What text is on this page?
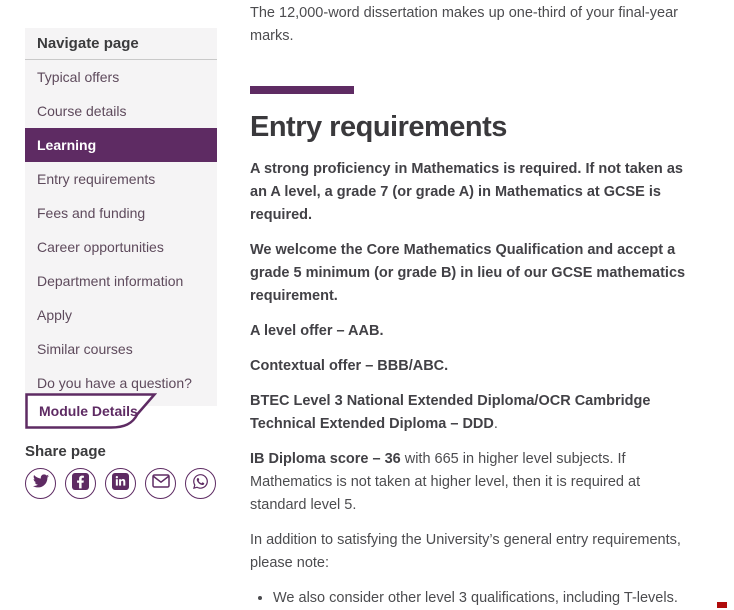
Navigate page
Typical offers
Course details
Learning
Entry requirements
Fees and funding
Career opportunities
Department information
Apply
Similar courses
Do you have a question?
Module Details
Share page

The 12,000-word dissertation makes up one-third of your final-year marks.

Entry requirements

A strong proficiency in Mathematics is required. If not taken as an A level, a grade 7 (or grade A) in Mathematics at GCSE is required.

We welcome the Core Mathematics Qualification and accept a grade 5 minimum (or grade B) in lieu of our GCSE mathematics requirement.

A level offer – AAB.

Contextual offer – BBB/ABC.

BTEC Level 3 National Extended Diploma/OCR Cambridge Technical Extended Diploma – DDD.

IB Diploma score – 36 with 665 in higher level subjects. If Mathematics is not taken at higher level, then it is required at standard level 5.

In addition to satisfying the University’s general entry requirements, please note:

• We also consider other level 3 qualifications, including T-levels.
